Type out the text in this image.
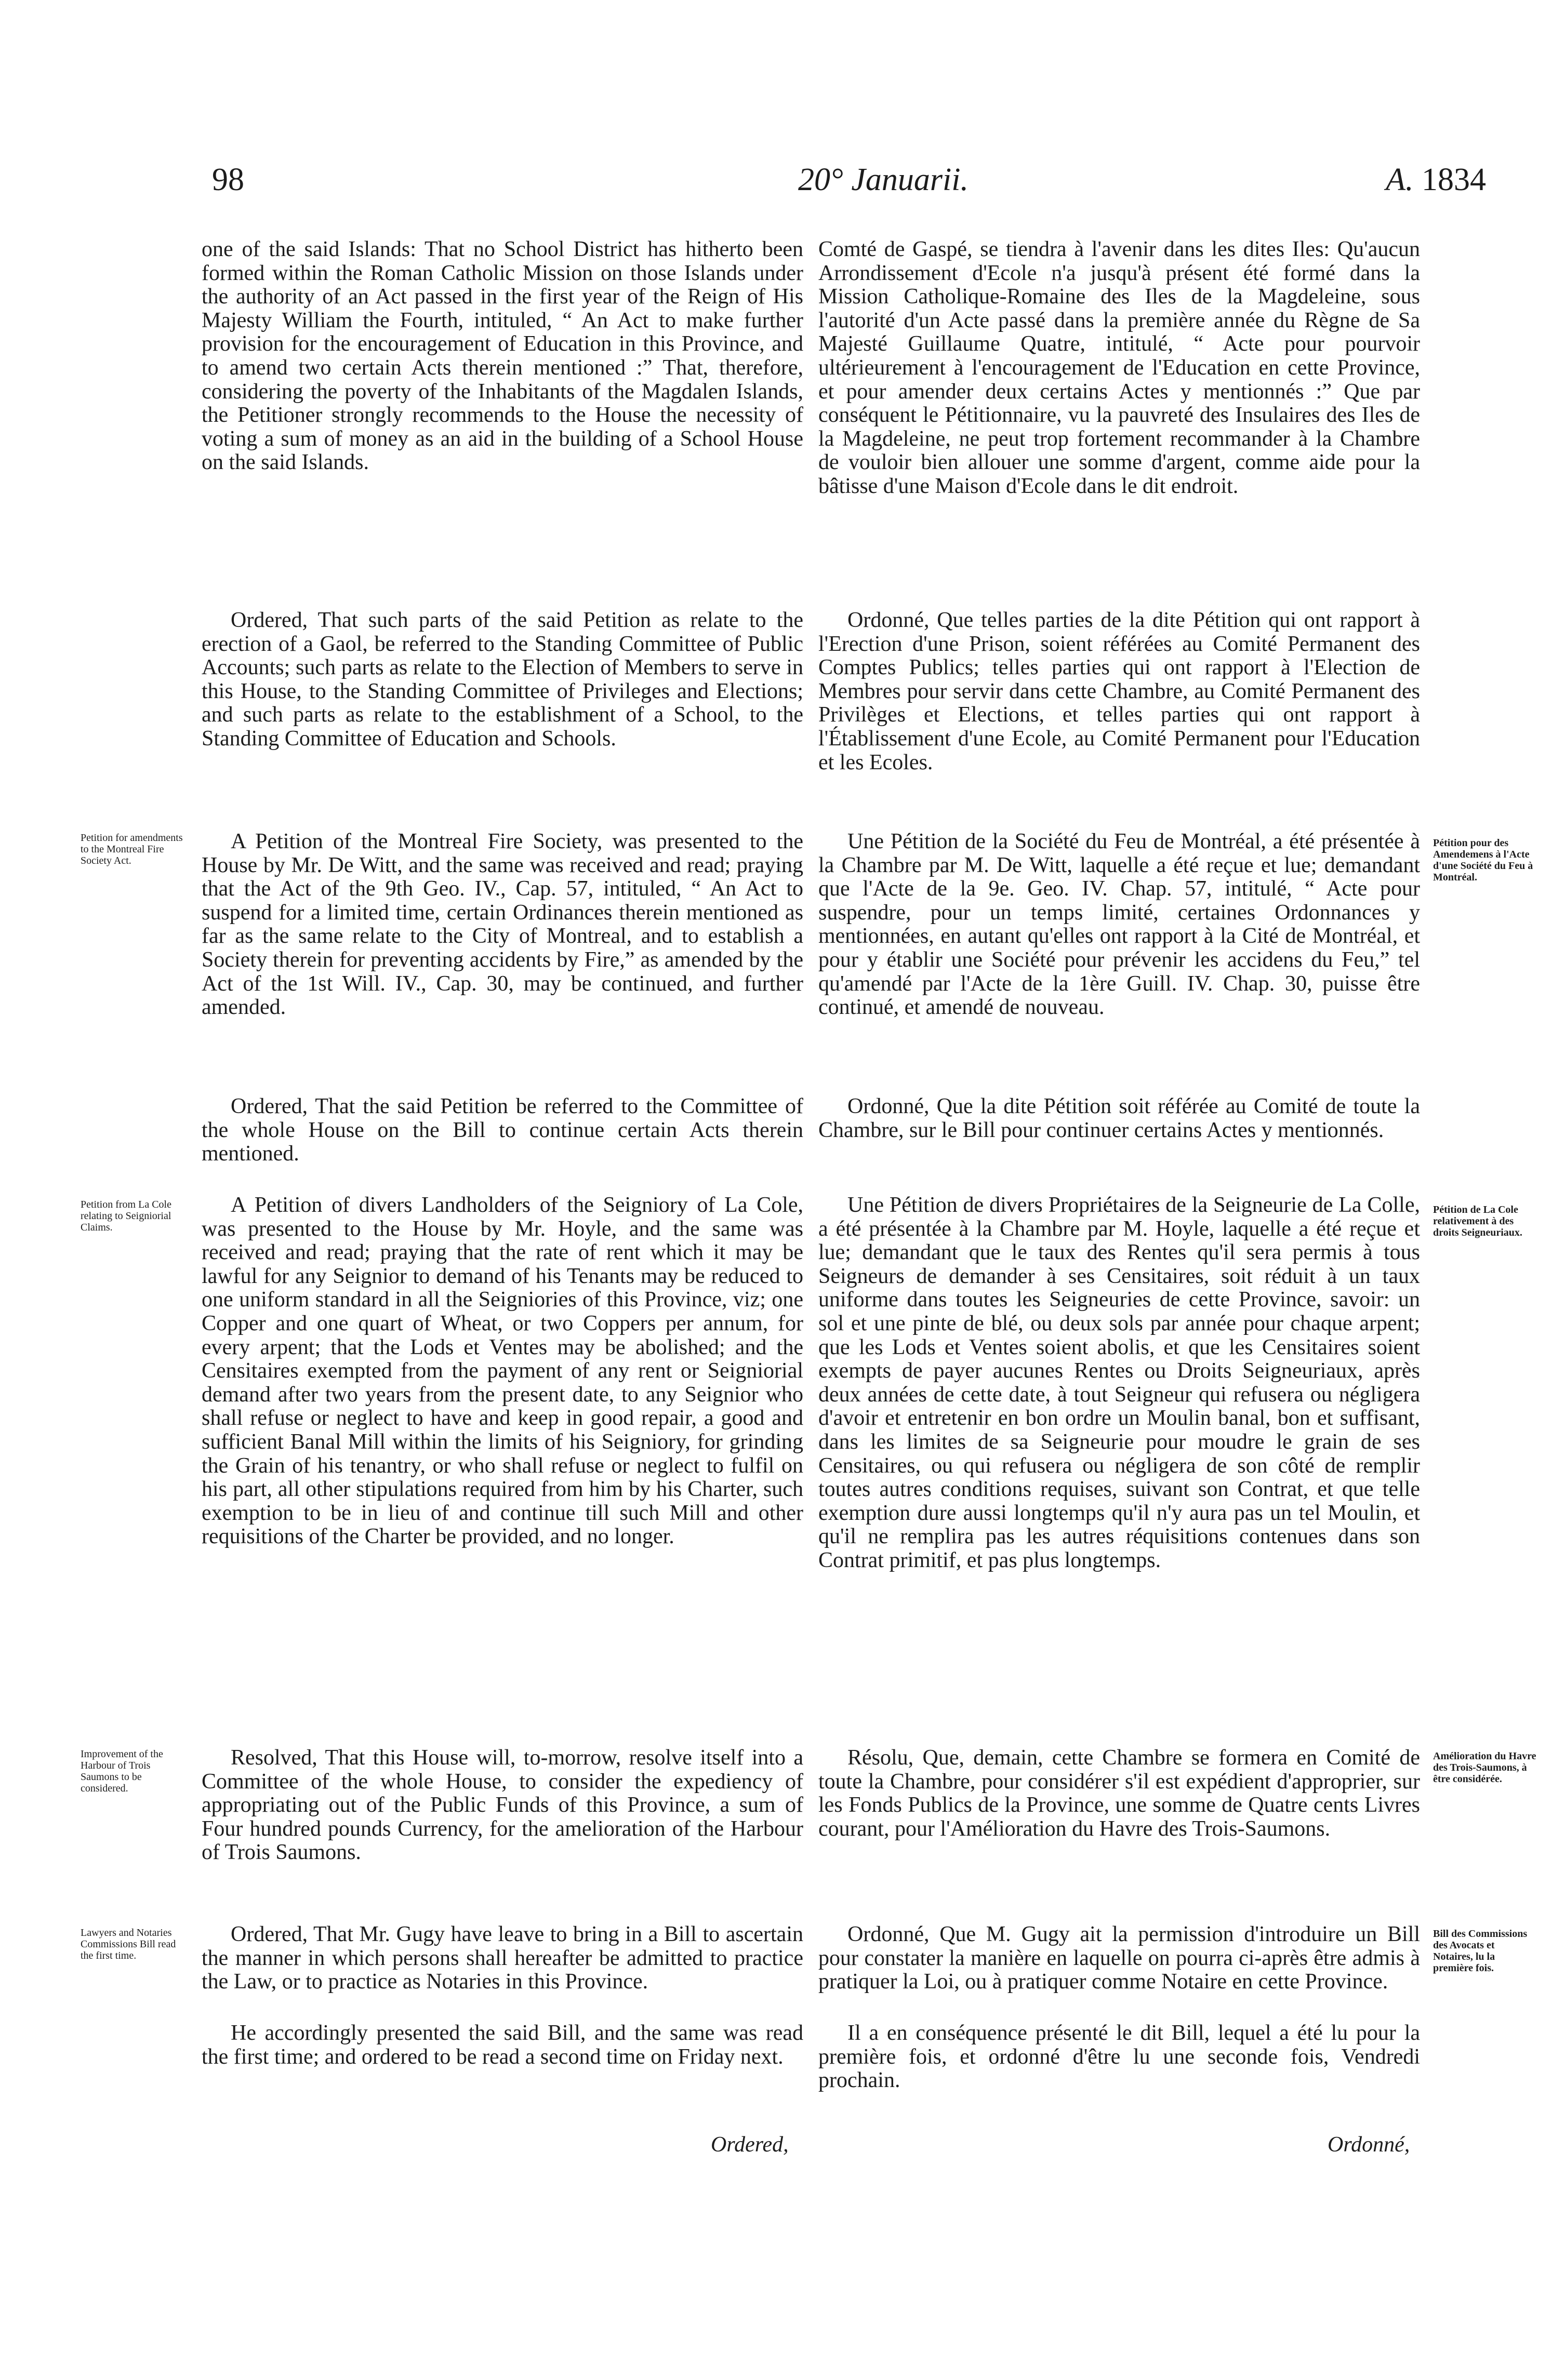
98	20° Januarii.	A. 1834

one of the said Islands: That no School District has hitherto been formed within the Roman Catholic Mission on those Islands under the authority of an Act passed in the first year of the Reign of His Majesty William the Fourth, intituled, “ An Act to make further provision for the encouragement of Education in this Province, and to amend two certain Acts therein mentioned :” That, therefore, considering the poverty of the Inhabitants of the Magdalen Islands, the Petitioner strongly recommends to the House the necessity of voting a sum of money as an aid in the building of a School House on the said Islands.

Ordered, That such parts of the said Petition as relate to the erection of a Gaol, be referred to the Standing Committee of Public Accounts; such parts as relate to the Election of Members to serve in this House, to the Standing Committee of Privileges and Elections; and such parts as relate to the establishment of a School, to the Standing Committee of Education and Schools.

A Petition of the Montreal Fire Society, was presented to the House by Mr. De Witt, and the same was received and read; praying that the Act of the 9th Geo. IV., Cap. 57, intituled, “ An Act to suspend for a limited time, certain Ordinances therein mentioned as far as the same relate to the City of Montreal, and to establish a Society therein for preventing accidents by Fire,” as amended by the Act of the 1st Will. IV., Cap. 30, may be continued, and further amended.

Ordered, That the said Petition be referred to the Committee of the whole House on the Bill to continue certain Acts therein mentioned.

A Petition of divers Landholders of the Seigniory of La Cole, was presented to the House by Mr. Hoyle, and the same was received and read; praying that the rate of rent which it may be lawful for any Seignior to demand of his Tenants may be reduced to one uniform standard in all the Seigniories of this Province, viz; one Copper and one quart of Wheat, or two Coppers per annum, for every arpent; that the Lods et Ventes may be abolished; and the Censitaires exempted from the payment of any rent or Seigniorial demand after two years from the present date, to any Seignior who shall refuse or neglect to have and keep in good repair, a good and sufficient Banal Mill within the limits of his Seigniory, for grinding the Grain of his tenantry, or who shall refuse or neglect to fulfil on his part, all other stipulations required from him by his Charter, such exemption to be in lieu of and continue till such Mill and other requisitions of the Charter be provided, and no longer.

Resolved, That this House will, to-morrow, resolve itself into a Committee of the whole House, to consider the expediency of appropriating out of the Public Funds of this Province, a sum of Four hundred pounds Currency, for the amelioration of the Harbour of Trois Saumons.

Ordered, That Mr. Gugy have leave to bring in a Bill to ascertain the manner in which persons shall hereafter be admitted to practice the Law, or to practice as Notaries in this Province.

He accordingly presented the said Bill, and the same was read the first time; and ordered to be read a second time on Friday next.

Comté de Gaspé, se tiendra à l'avenir dans les dites Iles: Qu'aucun Arrondissement d'Ecole n'a jusqu'à présent été formé dans la Mission Catholique-Romaine des Iles de la Magdeleine, sous l'autorité d'un Acte passé dans la première année du Règne de Sa Majesté Guillaume Quatre, intitulé, “ Acte pour pourvoir ultérieurement à l'encouragement de l'Education en cette Province, et pour amender deux certains Actes y mentionnés :” Que par conséquent le Pétitionnaire, vu la pauvreté des Insulaires des Iles de la Magdeleine, ne peut trop fortement recommander à la Chambre de vouloir bien allouer une somme d'argent, comme aide pour la bâtisse d'une Maison d'Ecole dans le dit endroit.

Ordonné, Que telles parties de la dite Pétition qui ont rapport à l'Erection d'une Prison, soient référées au Comité Permanent des Comptes Publics; telles parties qui ont rapport à l'Election de Membres pour servir dans cette Chambre, au Comité Permanent des Privilèges et Elections, et telles parties qui ont rapport à l'Établissement d'une Ecole, au Comité Permanent pour l'Education et les Ecoles.

Une Pétition de la Société du Feu de Montréal, a été présentée à la Chambre par M. De Witt, laquelle a été reçue et lue; demandant que l'Acte de la 9e. Geo. IV. Chap. 57, intitulé, “ Acte pour suspendre, pour un temps limité, certaines Ordonnances y mentionnées, en autant qu'elles ont rapport à la Cité de Montréal, et pour y établir une Société pour prévenir les accidens du Feu,” tel qu'amendé par l'Acte de la 1ère Guill. IV. Chap. 30, puisse être continué, et amendé de nouveau.

Ordonné, Que la dite Pétition soit référée au Comité de toute la Chambre, sur le Bill pour continuer certains Actes y mentionnés.

Une Pétition de divers Propriétaires de la Seigneurie de La Colle, a été présentée à la Chambre par M. Hoyle, laquelle a été reçue et lue; demandant que le taux des Rentes qu'il sera permis à tous Seigneurs de demander à ses Censitaires, soit réduit à un taux uniforme dans toutes les Seigneuries de cette Province, savoir: un sol et une pinte de blé, ou deux sols par année pour chaque arpent; que les Lods et Ventes soient abolis, et que les Censitaires soient exempts de payer aucunes Rentes ou Droits Seigneuriaux, après deux années de cette date, à tout Seigneur qui refusera ou négligera d'avoir et entretenir en bon ordre un Moulin banal, bon et suffisant, dans les limites de sa Seigneurie pour moudre le grain de ses Censitaires, ou qui refusera ou négligera de son côté de remplir toutes autres conditions requises, suivant son Contrat, et que telle exemption dure aussi longtemps qu'il n'y aura pas un tel Moulin, et qu'il ne remplira pas les autres réquisitions contenues dans son Contrat primitif, et pas plus longtemps.

Résolu, Que, demain, cette Chambre se formera en Comité de toute la Chambre, pour considérer s'il est expédient d'approprier, sur les Fonds Publics de la Province, une somme de Quatre cents Livres courant, pour l'Amélioration du Havre des Trois-Saumons.

Ordonné, Que M. Gugy ait la permission d'introduire un Bill pour constater la manière en laquelle on pourra ci-après être admis à pratiquer la Loi, ou à pratiquer comme Notaire en cette Province.

Il a en conséquence présenté le dit Bill, lequel a été lu pour la première fois, et ordonné d'être lu une seconde fois, Vendredi prochain.

Petition for amendments to the Montreal Fire Society Act.
Petition from La Cole relating to Seigniorial Claims.
Improvement of the Harbour of Trois Saumons to be considered.
Lawyers and Notaries Commissions Bill read the first time.
Pétition pour des Amendemens à l'Acte d'une Société du Feu à Montréal.
Pétition de La Cole relativement à des droits Seigneuriaux.
Amélioration du Havre des Trois-Saumons, à être considérée.
Bill des Commissions des Avocats et Notaires, lu la première fois.
Ordered,	Ordonné,
